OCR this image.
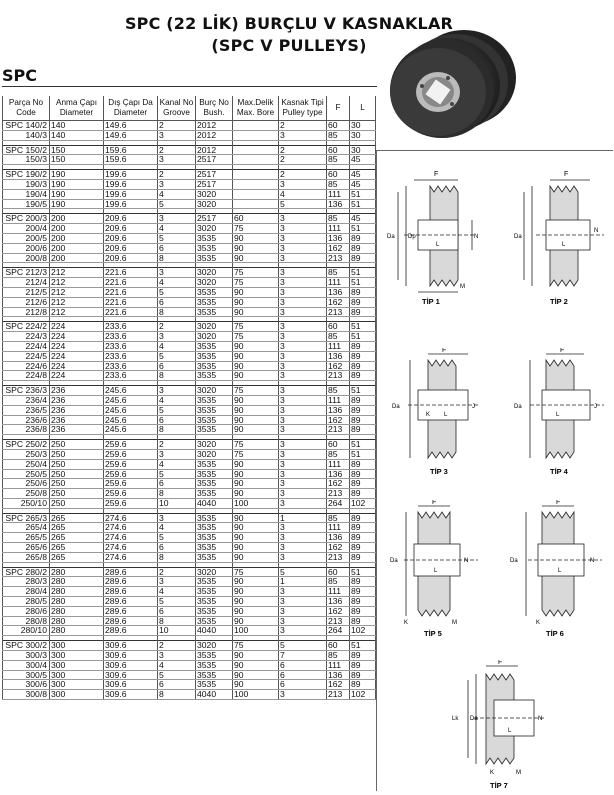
SPC (22 LİK) BURÇLU V KASNAKLAR
(SPC V PULLEYS)
SPC
Parça No Code	Anma Çapı Diameter	Dış Çapı Da Diameter	Kanal No Groove	Burç No Bush.	Max.Delik Max. Bore	Kasnak Tipi Pulley type	F	L
SPC 140/2	140	149.6	2	2012		2	60	30
140/3	140	149.6	3	2012		3	85	30

SPC 150/2	150	159.6	2	2012		2	60	30
150/3	150	159.6	3	2517		2	85	45

SPC 190/2	190	199.6	2	2517		2	60	45
190/3	190	199.6	3	2517		3	85	45
190/4	190	199.6	4	3020		4	111	51
190/5	190	199.6	5	3020		5	136	51

SPC 200/3	200	209.6	3	2517	60	3	85	45
200/4	200	209.6	4	3020	75	3	111	51
200/5	200	209.6	5	3535	90	3	136	89
200/6	200	209.6	6	3535	90	3	162	89
200/8	200	209.6	8	3535	90	3	213	89

SPC 212/3	212	221.6	3	3020	75	3	85	51
212/4	212	221.6	4	3020	75	3	111	51
212/5	212	221.6	5	3535	90	3	136	89
212/6	212	221.6	6	3535	90	3	162	89
212/8	212	221.6	8	3535	90	3	213	89

SPC 224/2	224	233.6	2	3020	75	3	60	51
224/3	224	233.6	3	3020	75	3	85	51
224/4	224	233.6	4	3535	90	3	111	89
224/5	224	233.6	5	3535	90	3	136	89
224/6	224	233.6	6	3535	90	3	162	89
224/8	224	233.6	8	3535	90	3	213	89

SPC 236/3	236	245.6	3	3020	75	3	85	51
236/4	236	245.6	4	3535	90	3	111	89
236/5	236	245.6	5	3535	90	3	136	89
236/6	236	245.6	6	3535	90	3	162	89
236/8	236	245.6	8	3535	90	3	213	89

SPC 250/2	250	259.6	2	3020	75	3	60	51
250/3	250	259.6	3	3020	75	3	85	51
250/4	250	259.6	4	3535	90	3	111	89
250/5	250	259.6	5	3535	90	3	136	89
250/6	250	259.6	6	3535	90	3	162	89
250/8	250	259.6	8	3535	90	3	213	89
250/10	250	259.6	10	4040	100	3	264	102

SPC 265/3	265	274.6	3	3535	90	1	85	89
265/4	265	274.6	4	3535	90	3	111	89
265/5	265	274.6	5	3535	90	3	136	89
265/6	265	274.6	6	3535	90	3	162	89
265/8	265	274.6	8	3535	90	3	213	89

SPC 280/2	280	289.6	2	3020	75	5	60	51
280/3	280	289.6	3	3535	90	1	85	89
280/4	280	289.6	4	3535	90	3	111	89
280/5	280	289.6	5	3535	90	3	136	89
280/6	280	289.6	6	3535	90	3	162	89
280/8	280	289.6	8	3535	90	3	213	89
280/10	280	289.6	10	4040	100	3	264	102

SPC 300/2	300	309.6	2	3020	75	5	60	51
300/3	300	309.6	3	3535	90	7	85	89
300/4	300	309.6	4	3535	90	6	111	89
300/5	300	309.6	5	3535	90	6	136	89
300/6	300	309.6	6	3535	90	6	162	89
300/8	300	309.6	8	4040	100	3	213	102
F
Da Dp
L
N
M
TİP 1
F
Da
L
N
TİP 2
F
Da
K L
J
TİP 3
F
Da
L
J
TİP 4
F
Da
L
K	M
N
TİP 5
F
Da
L
K
N
TİP 6
F
Lk Da
L
K	M
N
TİP 7
